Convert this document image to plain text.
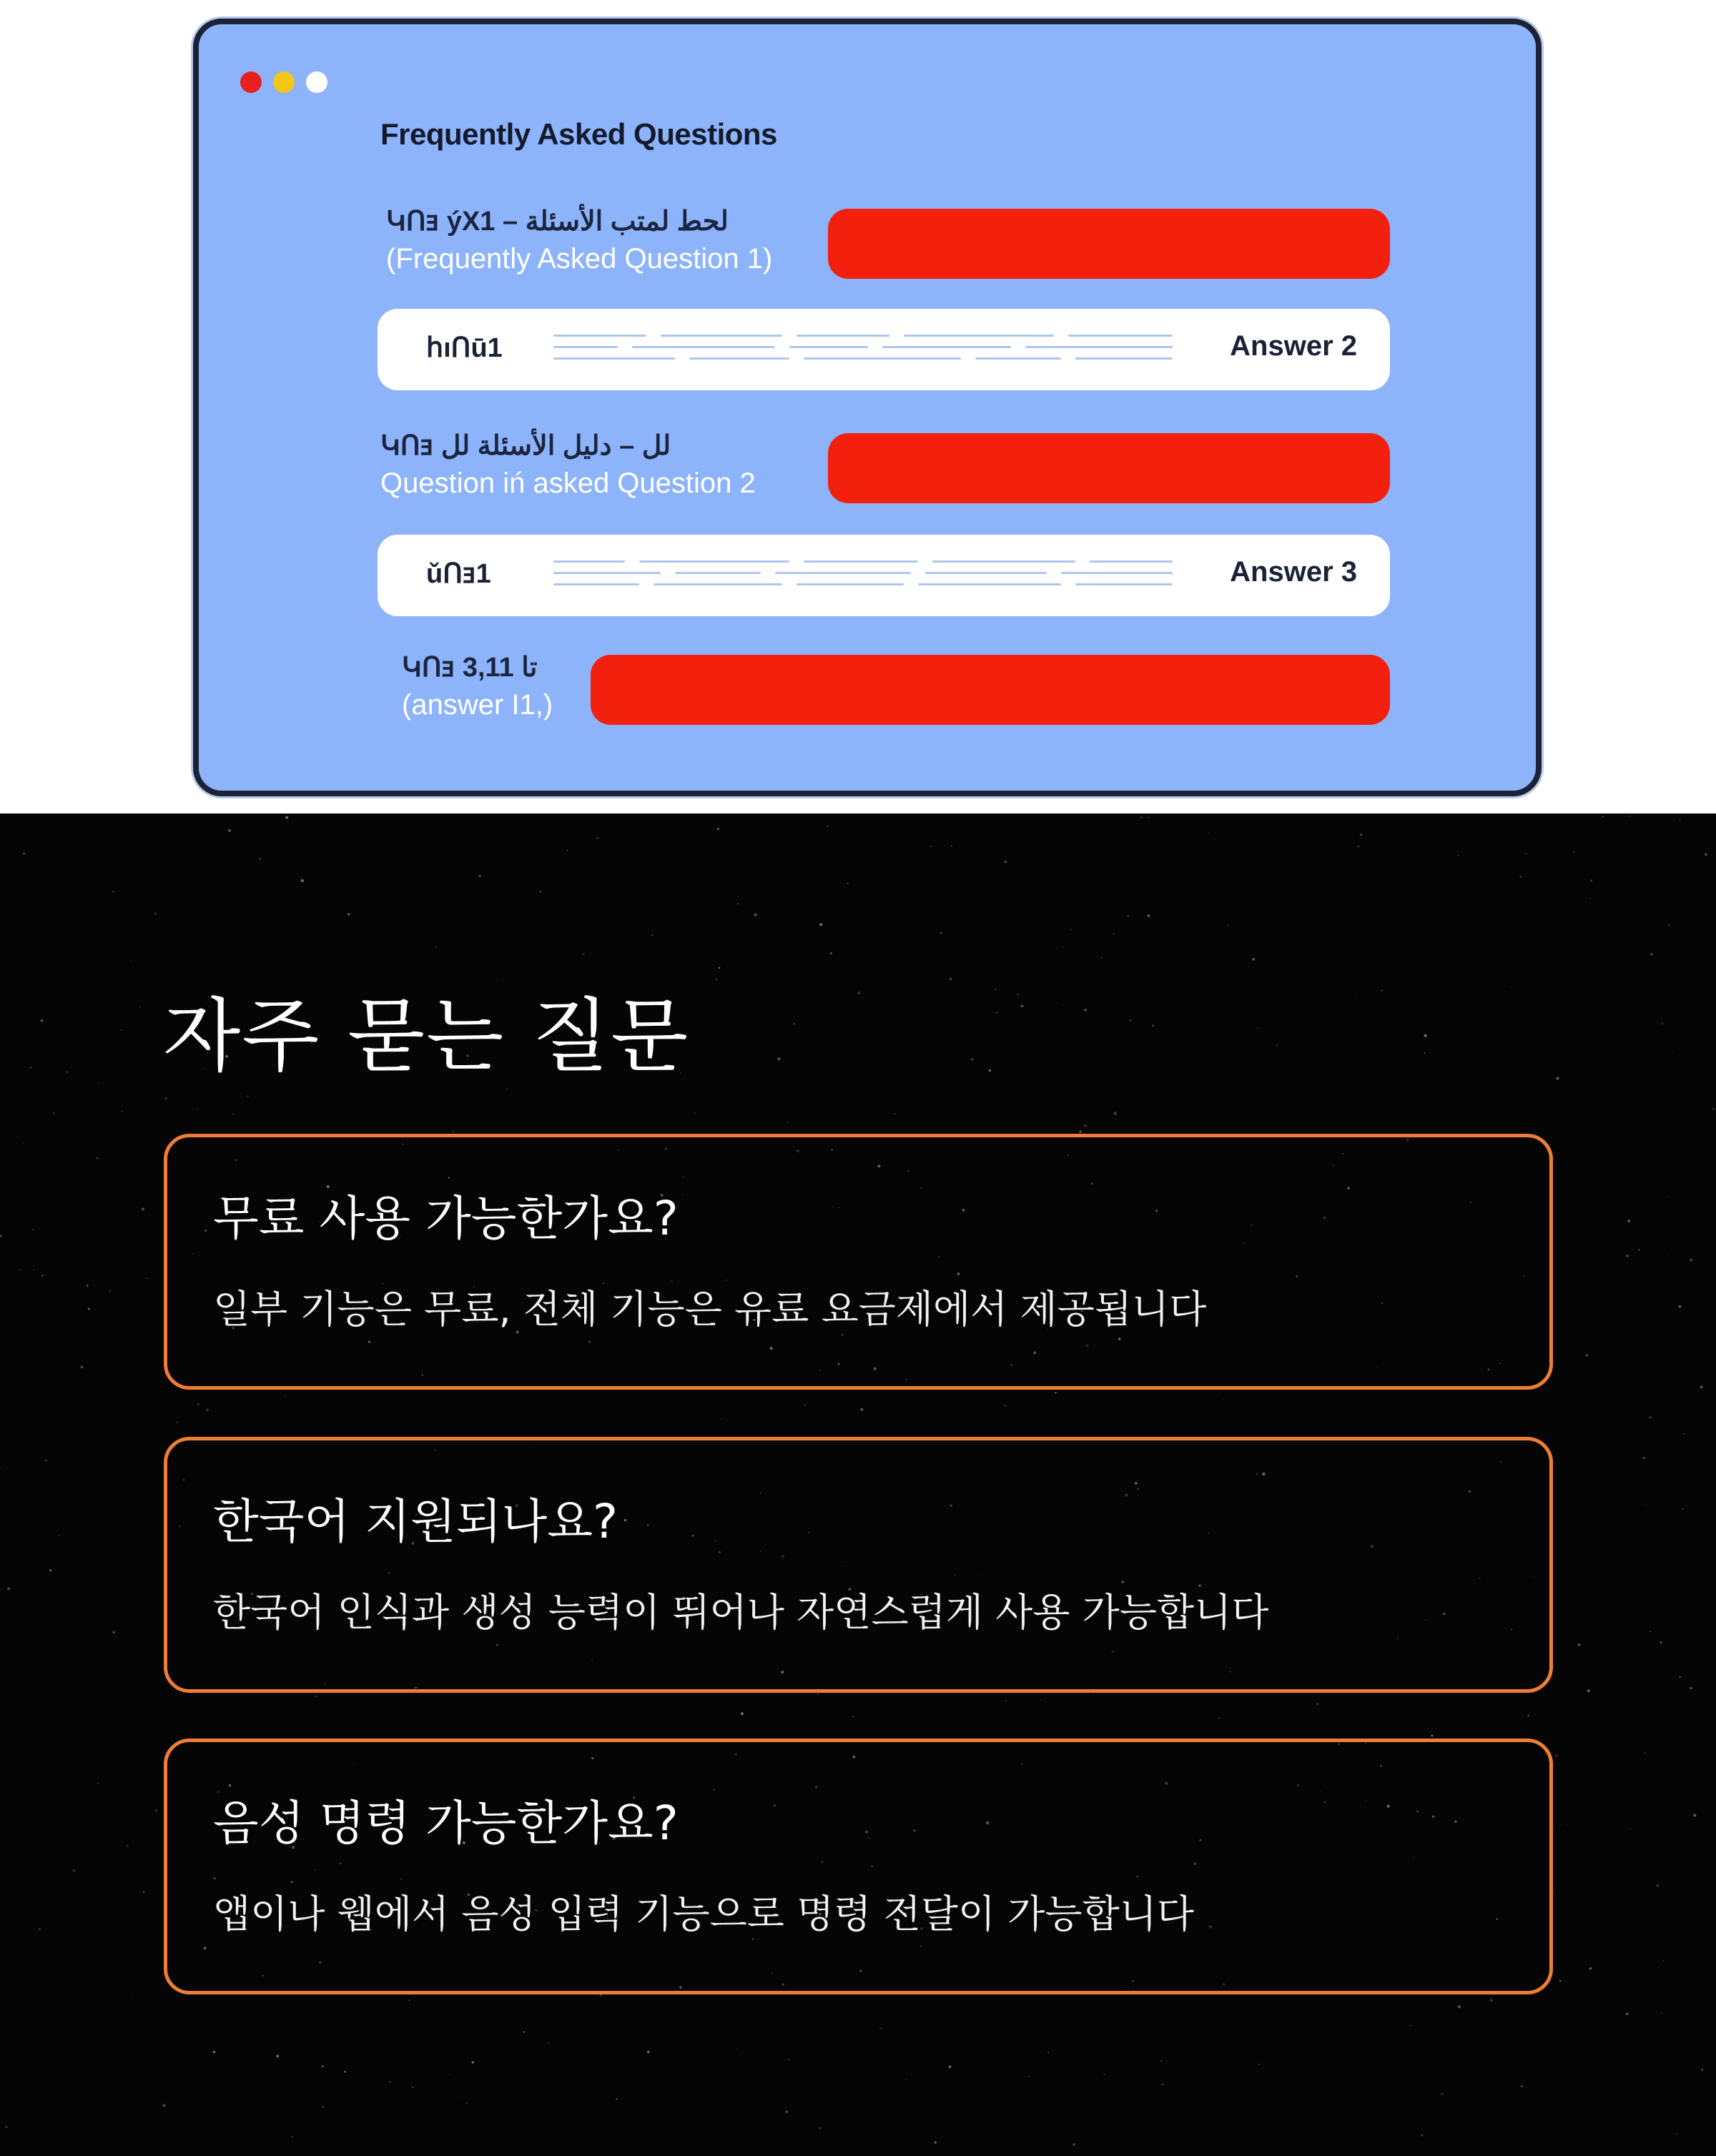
Frequently Asked Questions
ԿՈⱻ ýX1 – لحط لمتب الأسئلة
(Frequently Asked Question 1)
հıՈū1	Answer 2
ԿՈⱻ لل – دليل الأسئلة لل
Question iń asked Question 2
ǔՈⱻ1	Answer 3
ԿՈⱻ 3,11 تا
(answer I1,)
자주 묻는 질문
무료 사용 가능한가요?
일부 기능은 무료, 전체 기능은 유료 요금제에서 제공됩니다
한국어 지원되나요?
한국어 인식과 생성 능력이 뛰어나 자연스럽게 사용 가능합니다
음성 명령 가능한가요?
앱이나 웹에서 음성 입력 기능으로 명령 전달이 가능합니다
